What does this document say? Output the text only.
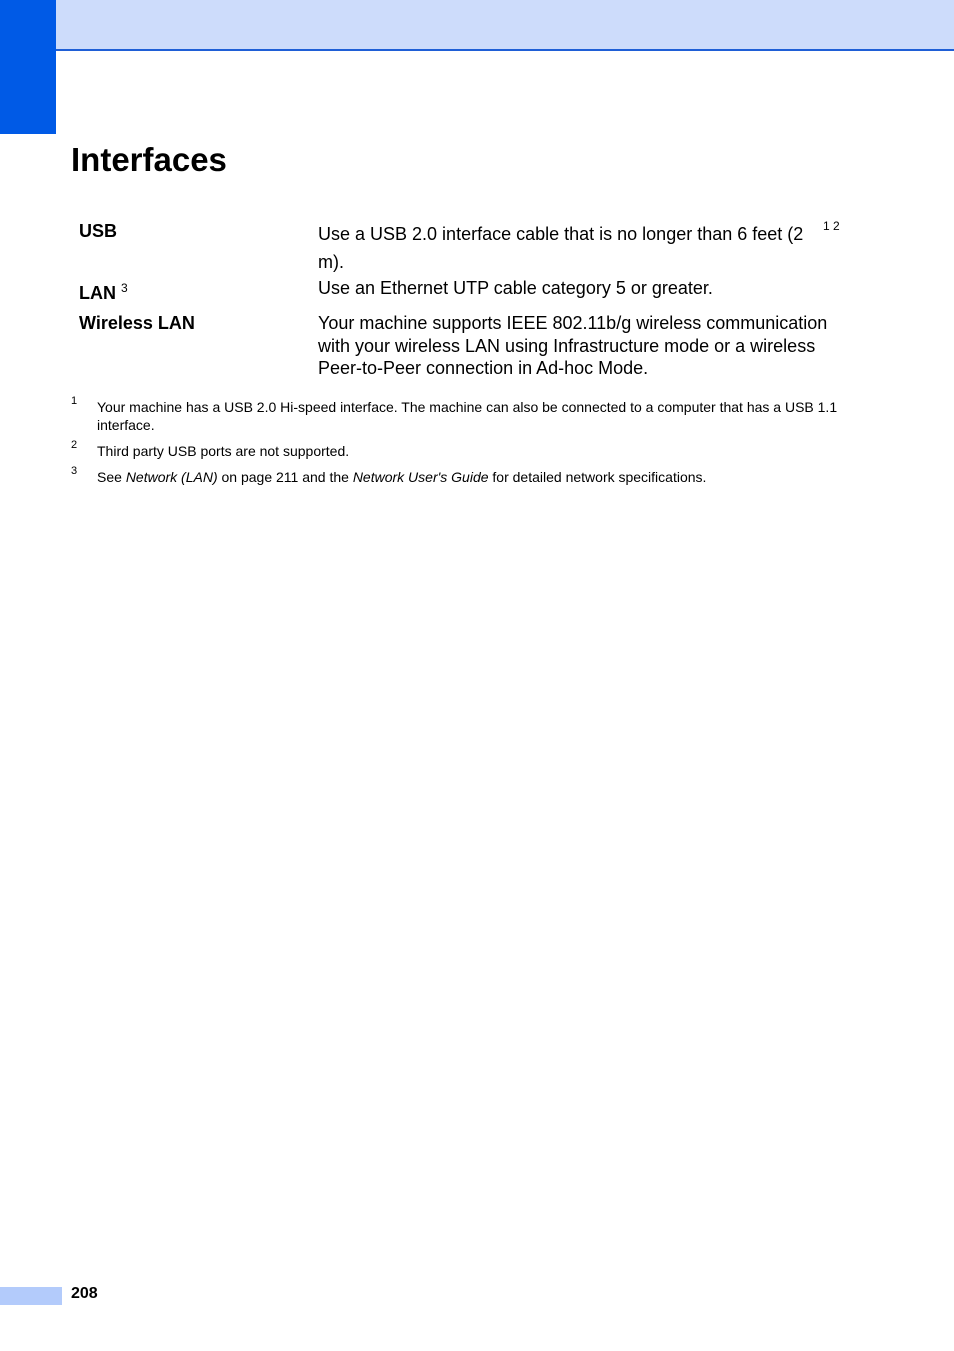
Interfaces
USB	Use a USB 2.0 interface cable that is no longer than 6 feet (2 m). $^{1 2}$
LAN $^3$	Use an Ethernet UTP cable category 5 or greater.
Wireless LAN	Your machine supports IEEE 802.11b/g wireless communication with your wireless LAN using Infrastructure mode or a wireless Peer-to-Peer connection in Ad-hoc Mode.
1 Your machine has a USB 2.0 Hi-speed interface. The machine can also be connected to a computer that has a USB 1.1 interface.
2 Third party USB ports are not supported.
3 See Network (LAN) on page 211 and the Network User's Guide for detailed network specifications.
208
